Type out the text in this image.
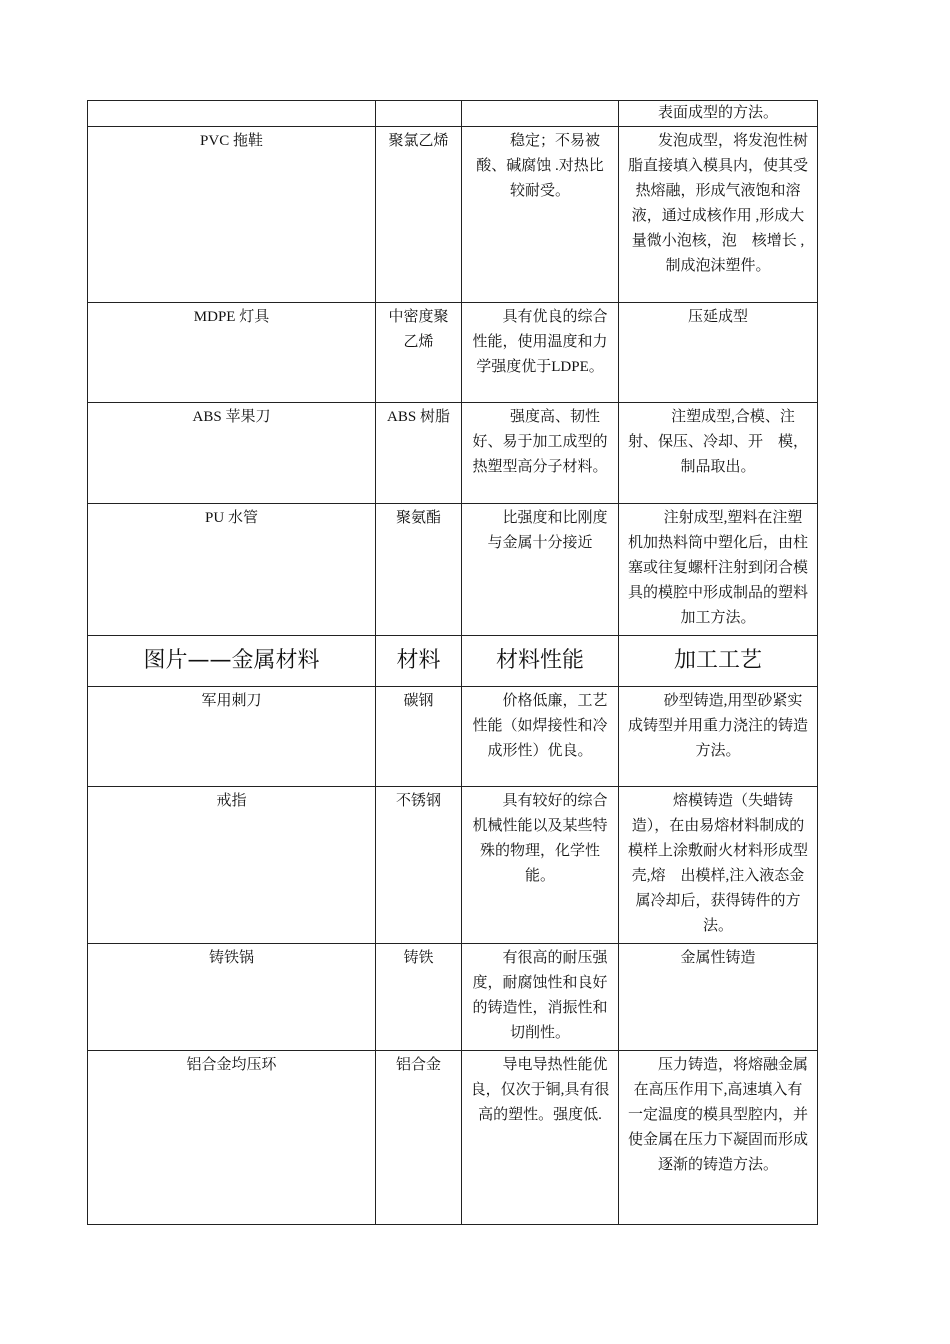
			表面成型的方法。
PVC 拖鞋	聚氯乙烯	稳定；不易被酸、碱腐蚀 .对热比较耐受。	发泡成型，将发泡性树脂直接填入模具内，使其受热熔融，形成气液饱和溶液，通过成核作用 ,形成大量微小泡核，泡　核增长 ,制成泡沫塑件。
MDPE 灯具	中密度聚乙烯	具有优良的综合性能，使用温度和力学强度优于LDPE。	压延成型
ABS 苹果刀	ABS 树脂	强度高、韧性好、易于加工成型的热塑型高分子材料。	注塑成型,合模、注射、保压、冷却、开　模，制品取出。
PU 水管	聚氨酯	比强度和比刚度与金属十分接近	注射成型,塑料在注塑机加热料筒中塑化后，由柱塞或往复螺杆注射到闭合模具的模腔中形成制品的塑料加工方法。
图片——金属材料	材料	材料性能	加工工艺
军用刺刀	碳钢	价格低廉，工艺性能（如焊接性和冷成形性）优良。	砂型铸造,用型砂紧实成铸型并用重力浇注的铸造方法。
戒指	不锈钢	具有较好的综合机械性能以及某些特殊的物理，化学性能。	熔模铸造（失蜡铸造），在由易熔材料制成的模样上涂敷耐火材料形成型壳,熔　出模样,注入液态金属冷却后，获得铸件的方法。
铸铁锅	铸铁	有很高的耐压强度，耐腐蚀性和良好的铸造性，消振性和切削性。	金属性铸造
铝合金均压环	铝合金	导电导热性能优良，仅次于铜,具有很高的塑性。强度低.	压力铸造，将熔融金属在高压作用下,高速填入有一定温度的模具型腔内，并使金属在压力下凝固而形成逐渐的铸造方法。
